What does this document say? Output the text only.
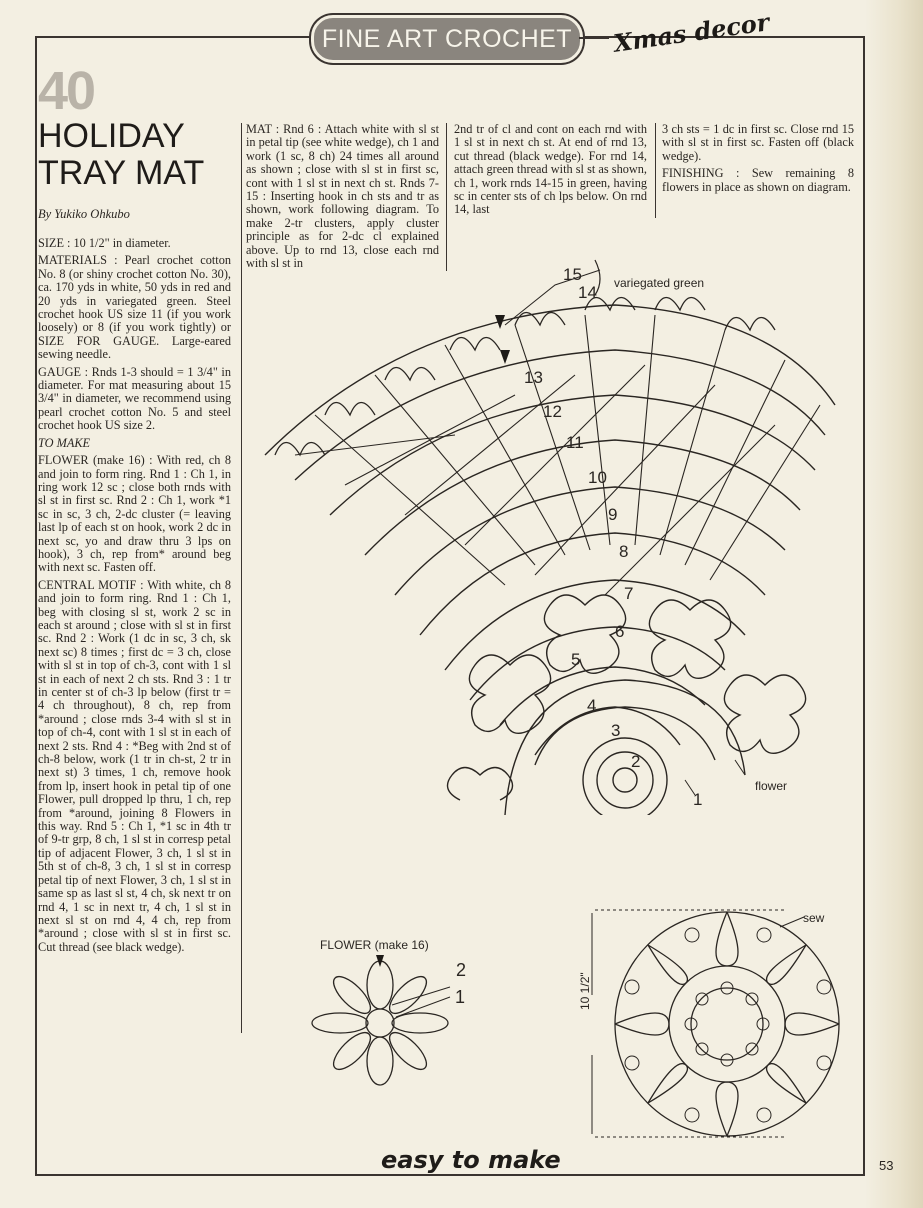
FINE ART CROCHET Xmas decor
40
HOLIDAY
TRAY MAT
By Yukiko Ohkubo

SIZE : 10 1/2" in diameter.

MATERIALS : Pearl crochet cotton No. 8 (or shiny crochet cotton No. 30), ca. 170 yds in white, 50 yds in red and 20 yds in variegated green. Steel crochet hook US size 11 (if you work loosely) or 8 (if you work tightly) or SIZE FOR GAUGE. Large-eared sewing needle.

GAUGE : Rnds 1-3 should = 1 3/4" in diameter. For mat measuring about 15 3/4" in diameter, we recommend using pearl crochet cotton No. 5 and steel crochet hook US size 2.

TO MAKE

FLOWER (make 16) : With red, ch 8 and join to form ring. Rnd 1 : Ch 1, in ring work 12 sc ; close both rnds with sl st in first sc. Rnd 2 : Ch 1, work *1 sc in sc, 3 ch, 2-dc cluster (= leaving last lp of each st on hook, work 2 dc in next sc, yo and draw thru 3 lps on hook), 3 ch, rep from* around beg with next sc. Fasten off.

CENTRAL MOTIF : With white, ch 8 and join to form ring. Rnd 1 : Ch 1, beg with closing sl st, work 2 sc in each st around ; close with sl st in first sc. Rnd 2 : Work (1 dc in sc, 3 ch, sk next sc) 8 times ; first dc = 3 ch, close with sl st in top of ch-3, cont with 1 sl st in each of next 2 ch sts. Rnd 3 : 1 tr in center st of ch-3 lp below (first tr = 4 ch throughout), 8 ch, rep from *around ; close rnds 3-4 with sl st in top of ch-4, cont with 1 sl st in each of next 2 sts. Rnd 4 : *Beg with 2nd st of ch-8 below, work (1 tr in ch-st, 2 tr in next st) 3 times, 1 ch, remove hook from lp, insert hook in petal tip of one Flower, pull dropped lp thru, 1 ch, rep from *around, joining 8 Flowers in this way. Rnd 5 : Ch 1, *1 sc in 4th tr of 9-tr grp, 8 ch, 1 sl st in corresp petal tip of adjacent Flower, 3 ch, 1 sl st in 5th st of ch-8, 3 ch, 1 sl st in corresp petal tip of next Flower, 3 ch, 1 sl st in same sp as last sl st, 4 ch, sk next tr on rnd 4, 1 sc in next tr, 4 ch, 1 sl st in next sl st on rnd 4, 4 ch, rep from *around ; close with sl st in first sc. Cut thread (see black wedge).

MAT : Rnd 6 : Attach white with sl st in petal tip (see white wedge), ch 1 and work (1 sc, 8 ch) 24 times all around as shown ; close with sl st in first sc, cont with 1 sl st in next ch st. Rnds 7-15 : Inserting hook in ch sts and tr as shown, work following diagram. To make 2-tr clusters, apply cluster principle as for 2-dc cl explained above. Up to rnd 13, close each rnd with sl st in

2nd tr of cl and cont on each rnd with 1 sl st in next ch st. At end of rnd 13, cut thread (black wedge). For rnd 14, attach green thread with sl st as shown, ch 1, work rnds 14-15 in green, having sc in center sts of ch lps below. On rnd 14, last

3 ch sts = 1 dc in first sc. Close rnd 15 with sl st in first sc. Fasten off (black wedge).

FINISHING : Sew remaining 8 flowers in place as shown on diagram.

15
14
13
12
11
10
9
8
7
6
5
4
3
2
1
variegated green
flower
FLOWER (make 16)
2
1
sew
10 1/2"
easy to make	53
